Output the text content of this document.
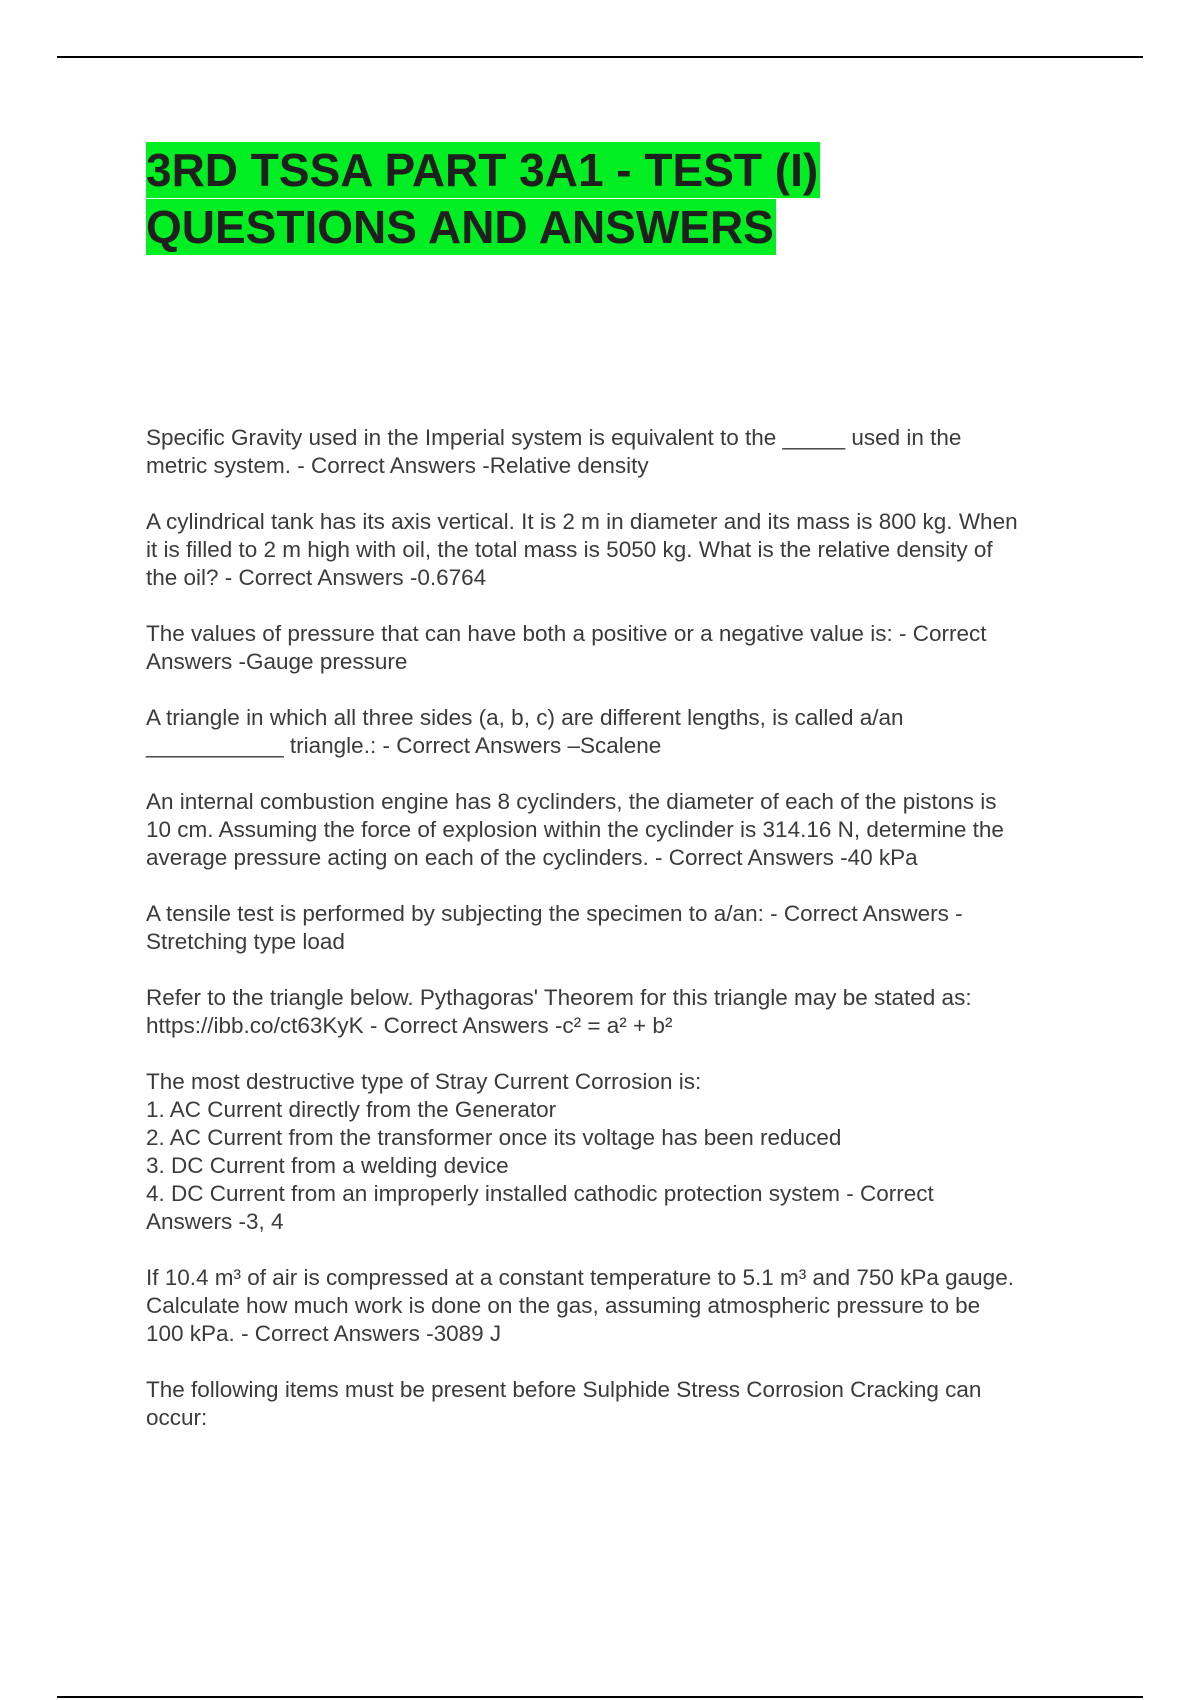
3RD TSSA PART 3A1 - TEST (I)
QUESTIONS AND ANSWERS

Specific Gravity used in the Imperial system is equivalent to the _____ used in the
metric system. - Correct Answers -Relative density

A cylindrical tank has its axis vertical. It is 2 m in diameter and its mass is 800 kg. When
it is filled to 2 m high with oil, the total mass is 5050 kg. What is the relative density of
the oil? - Correct Answers -0.6764

The values of pressure that can have both a positive or a negative value is: - Correct
Answers -Gauge pressure

A triangle in which all three sides (a, b, c) are different lengths, is called a/an
___________ triangle.: - Correct Answers –Scalene

An internal combustion engine has 8 cyclinders, the diameter of each of the pistons is
10 cm. Assuming the force of explosion within the cyclinder is 314.16 N, determine the
average pressure acting on each of the cyclinders. - Correct Answers -40 kPa

A tensile test is performed by subjecting the specimen to a/an: - Correct Answers -
Stretching type load

Refer to the triangle below. Pythagoras' Theorem for this triangle may be stated as:
https://ibb.co/ct63KyK - Correct Answers -c² = a² + b²

The most destructive type of Stray Current Corrosion is:
1. AC Current directly from the Generator
2. AC Current from the transformer once its voltage has been reduced
3. DC Current from a welding device
4. DC Current from an improperly installed cathodic protection system - Correct
Answers -3, 4

If 10.4 m³ of air is compressed at a constant temperature to 5.1 m³ and 750 kPa gauge.
Calculate how much work is done on the gas, assuming atmospheric pressure to be
100 kPa. - Correct Answers -3089 J

The following items must be present before Sulphide Stress Corrosion Cracking can
occur:
